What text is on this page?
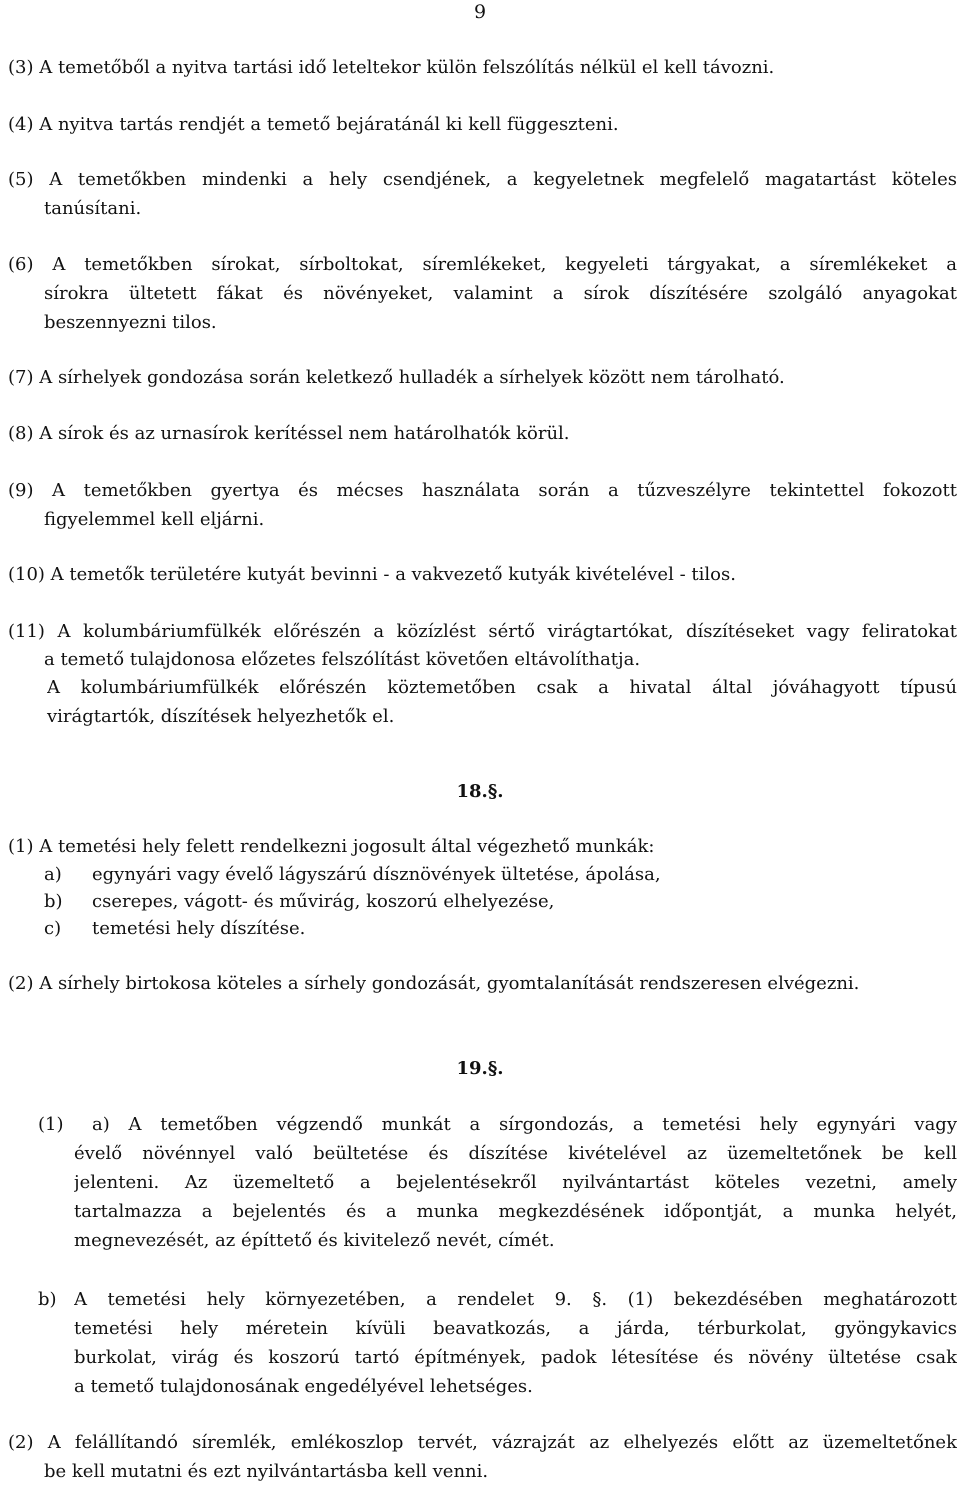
9
(3) A temetőből a nyitva tartási idő leteltekor külön felszólítás nélkül el kell távozni.
(4) A nyitva tartás rendjét a temető bejáratánál ki kell függeszteni.
(5) A temetőkben mindenki a hely csendjének, a kegyeletnek megfelelő magatartást köteles
tanúsítani.
(6) A temetőkben sírokat, sírboltokat, síremlékeket, kegyeleti tárgyakat, a síremlékeket a
sírokra ültetett fákat és növényeket, valamint a sírok díszítésére szolgáló anyagokat
beszennyezni tilos.
(7) A sírhelyek gondozása során keletkező hulladék a sírhelyek között nem tárolható.
(8) A sírok és az urnasírok kerítéssel nem határolhatók körül.
(9) A temetőkben gyertya és mécses használata során a tűzveszélyre tekintettel fokozott
figyelemmel kell eljárni.
(10) A temetők területére kutyát bevinni - a vakvezető kutyák kivételével - tilos.
(11) A kolumbáriumfülkék előrészén a közízlést sértő virágtartókat, díszítéseket vagy feliratokat
a temető tulajdonosa előzetes felszólítást követően eltávolíthatja.
A kolumbáriumfülkék előrészén köztemetőben csak a hivatal által jóváhagyott típusú
virágtartók, díszítések helyezhetők el.
18.§.
(1) A temetési hely felett rendelkezni jogosult által végezhető munkák:
a) egynyári vagy évelő lágyszárú dísznövények ültetése, ápolása,
b) cserepes, vágott- és művirág, koszorú elhelyezése,
c) temetési hely díszítése.
(2) A sírhely birtokosa köteles a sírhely gondozását, gyomtalanítását rendszeresen elvégezni.
19.§.
(1) a) A temetőben végzendő munkát a sírgondozás, a temetési hely egynyári vagy
évelő növénnyel való beültetése és díszítése kivételével az üzemeltetőnek be kell
jelenteni. Az üzemeltető a bejelentésekről nyilvántartást köteles vezetni, amely
tartalmazza a bejelentés és a munka megkezdésének időpontját, a munka helyét,
megnevezését, az építtető és kivitelező nevét, címét.
b) A temetési hely környezetében, a rendelet 9. §. (1) bekezdésében meghatározott
temetési hely méretein kívüli beavatkozás, a járda, térburkolat, gyöngykavics
burkolat, virág és koszorú tartó építmények, padok létesítése és növény ültetése csak
a temető tulajdonosának engedélyével lehetséges.
(2) A felállítandó síremlék, emlékoszlop tervét, vázrajzát az elhelyezés előtt az üzemeltetőnek
be kell mutatni és ezt nyilvántartásba kell venni.
